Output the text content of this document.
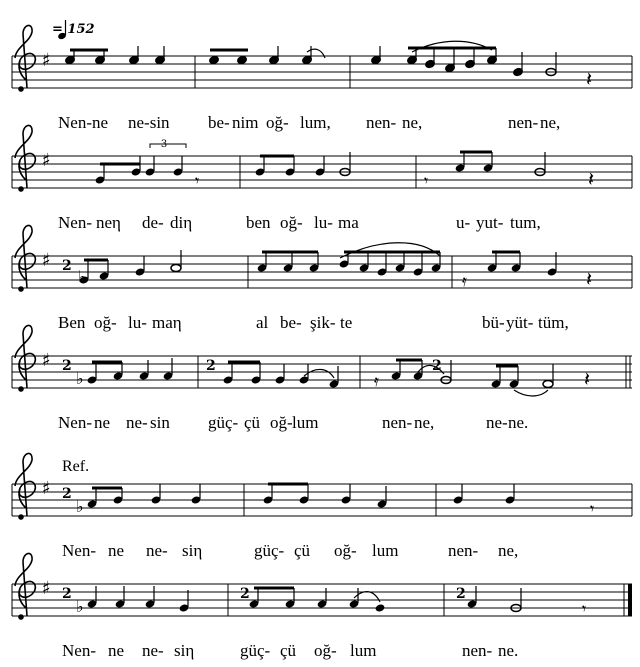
♯
𝄽
♯
3
𝄾	𝄾	𝄽
♯ 2
♭	𝄿	𝄽
♯ 2
♭
2	2
𝄿	𝄽
♯ 2
♭	𝄾
♯ 2
♭
2	2
𝄾
= 152
Ref.
Nen-ne ne-sin be- nim oğ- lum, nen- ne,	nen- ne,
Nen- neη de- diη	ben oğ- lu- ma	u- yut- tum,
Ben oğ- lu- maη	al be- şik- te	bü- yüt- tüm,
Nen- ne ne- sin güç- çü oğ- lum	nen- ne,	ne- ne.
Nen- ne ne- siη	güç- çü oğ- lum	nen- ne,
Nen- ne ne- siη	güç- çü oğ- lum	nen- ne.
